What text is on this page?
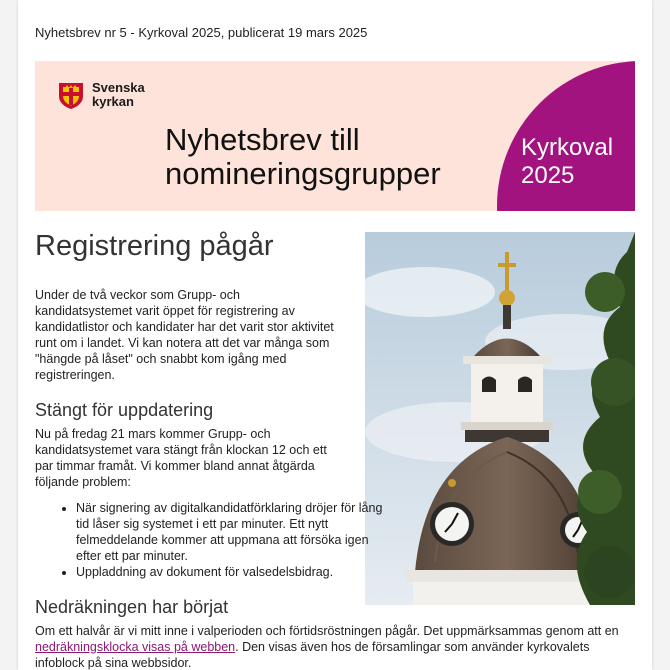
Nyhetsbrev nr 5 - Kyrkoval 2025, publicerat 19 mars 2025
Svenska
kyrkan
Nyhetsbrev till
nomineringsgrupper
Kyrkoval
2025
Registrering pågår

Under de två veckor som Grupp- och kandidatsystemet varit öppet för registrering av kandidatlistor och kandidater har det varit stor aktivitet runt om i landet. Vi kan notera att det var många som "hängde på låset" och snabbt kom igång med registreringen.

Stängt för uppdatering

Nu på fredag 21 mars kommer Grupp- och kandidatsystemet vara stängt från klockan 12 och ett par timmar framåt. Vi kommer bland annat åtgärda följande problem:

• När signering av digitalkandidatförklaring dröjer för lång tid låser sig systemet i ett par minuter. Ett nytt felmeddelande kommer att uppmana att försöka igen efter ett par minuter.
• Uppladdning av dokument för valsedelsbidrag.
Nedräkningen har börjat

Om ett halvår är vi mitt inne i valperioden och förtidsröstningen pågår. Det uppmärksammas genom att en nedräkningsklocka visas på webben. Den visas även hos de församlingar som använder kyrkovalets infoblock på sina webbsidor.
